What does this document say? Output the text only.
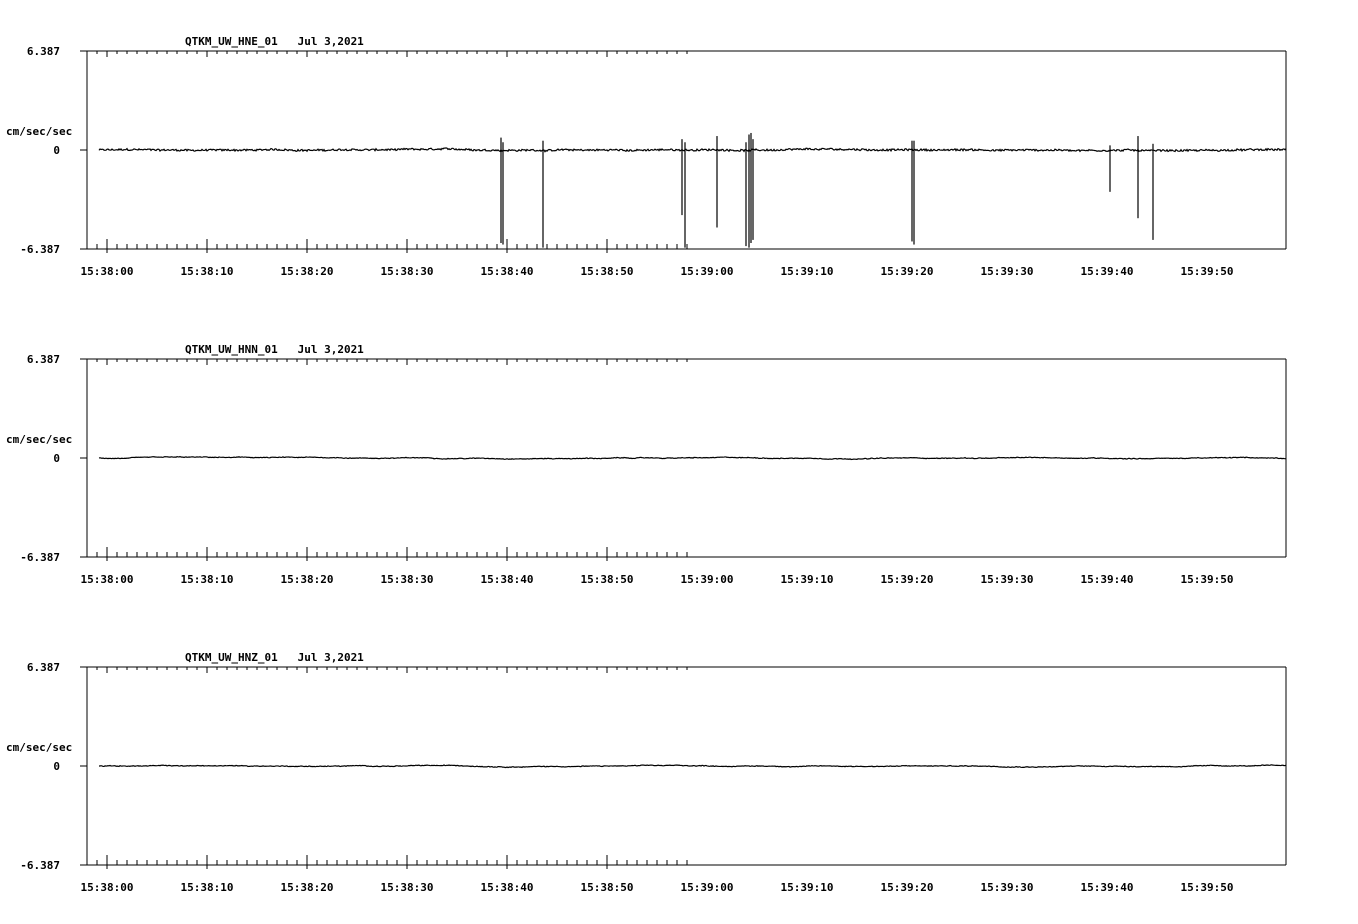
6.387
0
-6.387
cm/sec/sec
QTKM_UW_HNE_01   Jul 3,2021
15:38:00	15:38:10	15:38:20	15:38:30	15:38:40	15:38:50	15:39:00	15:39:10	15:39:20	15:39:30	15:39:40	15:39:50
6.387
0
-6.387
cm/sec/sec
QTKM_UW_HNN_01   Jul 3,2021
15:38:00	15:38:10	15:38:20	15:38:30	15:38:40	15:38:50	15:39:00	15:39:10	15:39:20	15:39:30	15:39:40	15:39:50
6.387
0
-6.387
cm/sec/sec
QTKM_UW_HNZ_01   Jul 3,2021
15:38:00	15:38:10	15:38:20	15:38:30	15:38:40	15:38:50	15:39:00	15:39:10	15:39:20	15:39:30	15:39:40	15:39:50
